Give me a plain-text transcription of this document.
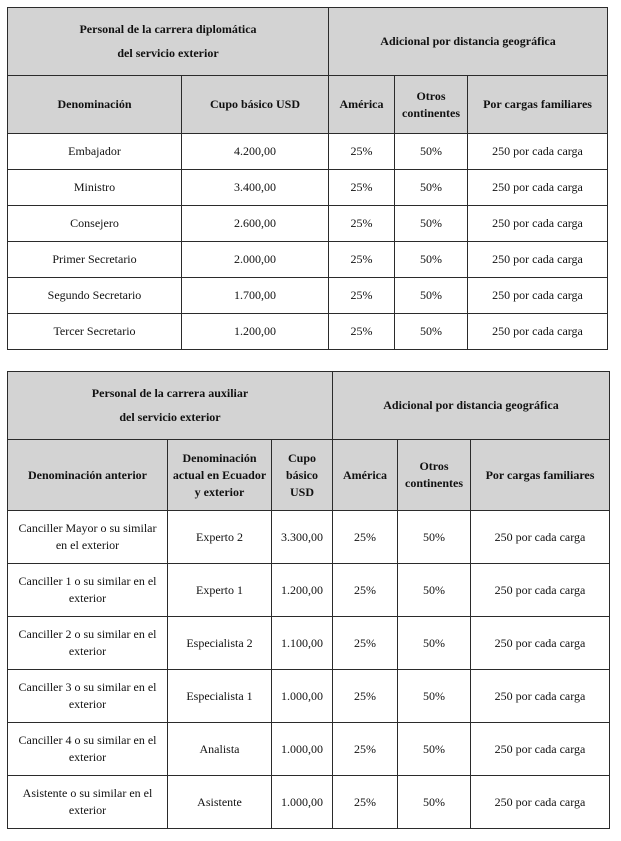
Personal de la carrera diplomática
del servicio exterior		Adicional por distancia geográfica		
Denominación	Cupo básico USD	América	Otros continentes	Por cargas familiares
Embajador	4.200,00	25%	50%	250 por cada carga
Ministro	3.400,00	25%	50%	250 por cada carga
Consejero	2.600,00	25%	50%	250 por cada carga
Primer Secretario	2.000,00	25%	50%	250 por cada carga
Segundo Secretario	1.700,00	25%	50%	250 por cada carga
Tercer Secretario	1.200,00	25%	50%	250 por cada carga
Personal de la carrera auxiliar
del servicio exterior			Adicional por distancia geográfica		
Denominación anterior	Denominación actual en Ecuador y exterior	Cupo básico USD	América	Otros continentes	Por cargas familiares
Canciller Mayor o su similar en el exterior	Experto 2	3.300,00	25%	50%	250 por cada carga
Canciller 1 o su similar en el exterior	Experto 1	1.200,00	25%	50%	250 por cada carga
Canciller 2 o su similar en el exterior	Especialista 2	1.100,00	25%	50%	250 por cada carga
Canciller 3 o su similar en el exterior	Especialista 1	1.000,00	25%	50%	250 por cada carga
Canciller 4 o su similar en el exterior	Analista	1.000,00	25%	50%	250 por cada carga
Asistente o su similar en el exterior	Asistente	1.000,00	25%	50%	250 por cada carga
